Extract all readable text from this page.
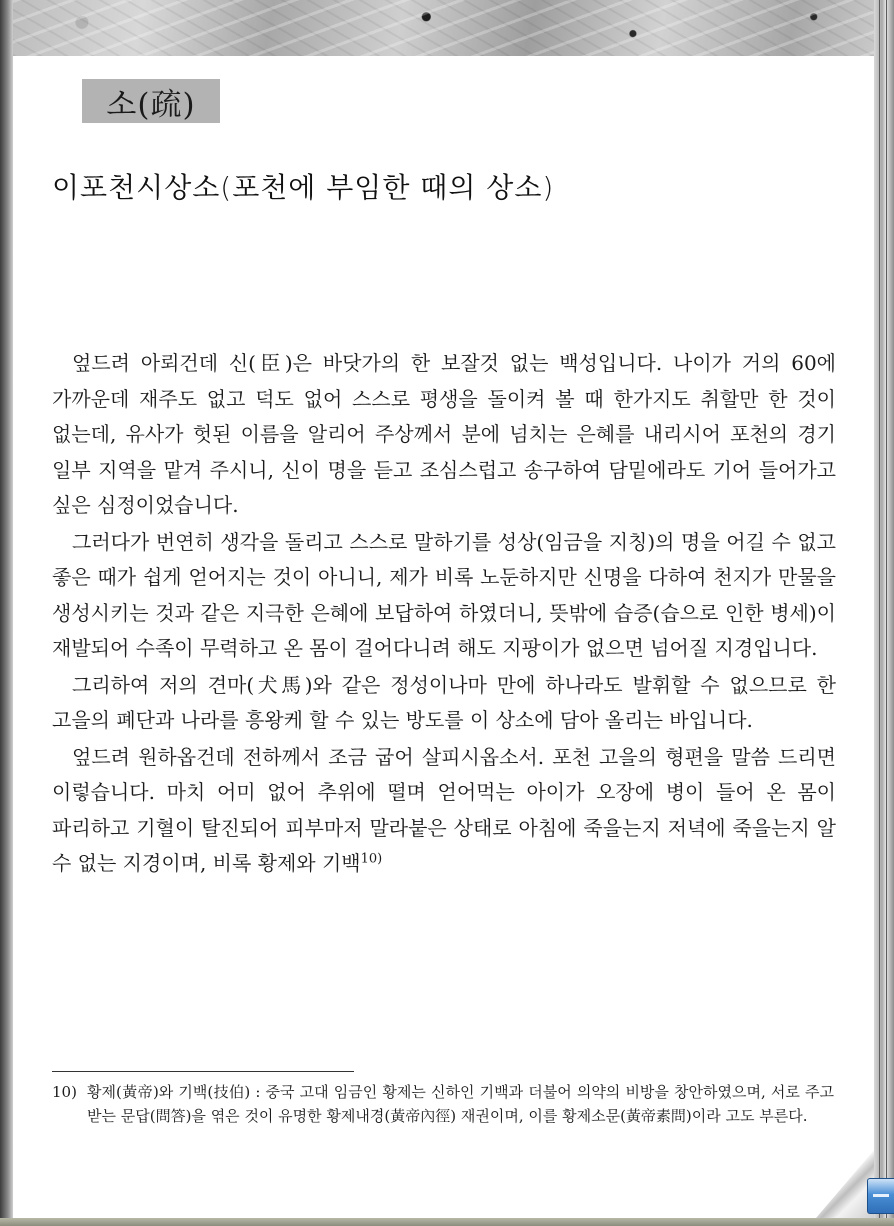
소(疏)
이포천시상소(포천에 부임한 때의 상소)

엎드려 아뢰건데 신(臣)은 바닷가의 한 보잘것 없는 백성입니다. 나이가 거의 60에 가까운데 재주도 없고 덕도 없어 스스로 평생을 돌이켜 볼 때 한가지도 취할만 한 것이 없는데, 유사가 헛된 이름을 알리어 주상께서 분에 넘치는 은혜를 내리시어 포천의 경기 일부 지역을 맡겨 주시니, 신이 명을 듣고 조심스럽고 송구하여 담밑에라도 기어 들어가고 싶은 심정이었습니다.

그러다가 번연히 생각을 돌리고 스스로 말하기를 성상(임금을 지칭)의 명을 어길 수 없고 좋은 때가 쉽게 얻어지는 것이 아니니, 제가 비록 노둔하지만 신명을 다하여 천지가 만물을 생성시키는 것과 같은 지극한 은혜에 보답하여 하였더니, 뜻밖에 습증(습으로 인한 병세)이 재발되어 수족이 무력하고 온 몸이 걸어다니려 해도 지팡이가 없으면 넘어질 지경입니다.

그리하여 저의 견마(犬馬)와 같은 정성이나마 만에 하나라도 발휘할 수 없으므로 한 고을의 폐단과 나라를 흥왕케 할 수 있는 방도를 이 상소에 담아 올리는 바입니다.

엎드려 원하옵건데 전하께서 조금 굽어 살피시옵소서. 포천 고을의 형편을 말씀 드리면 이렇습니다. 마치 어미 없어 추위에 떨며 얻어먹는 아이가 오장에 병이 들어 온 몸이 파리하고 기혈이 탈진되어 피부마저 말라붙은 상태로 아침에 죽을는지 저녁에 죽을는지 알 수 없는 지경이며, 비록 황제와 기백$^{10)}$

10) 황제(黃帝)와 기백(技伯) : 중국 고대 임금인 황제는 신하인 기백과 더불어 의약의 비방을 창안하였으며, 서로 주고 받는 문답(問答)을 엮은 것이 유명한 황제내경(黃帝內徑) 재권이며, 이를 황제소문(黃帝素問)이라 고도 부른다.
